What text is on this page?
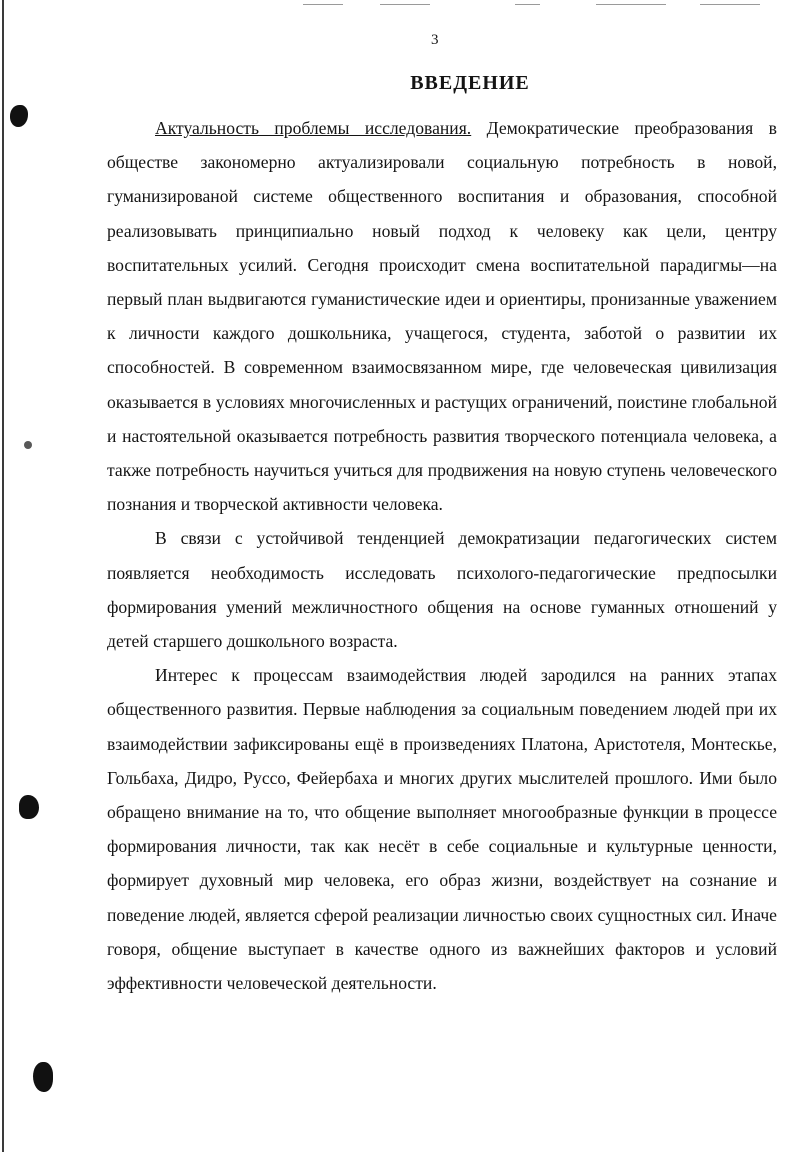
3
ВВЕДЕНИЕ

Актуальность проблемы исследования. Демократические преобразования в обществе закономерно актуализировали социальную потребность в новой, гуманизированой системе общественного воспитания и образования, способной реализовывать принципиально новый подход к человеку как цели, центру воспитательных усилий. Сегодня происходит смена воспитательной парадигмы—на первый план выдвигаются гуманистические идеи и ориентиры, пронизанные уважением к личности каждого дошкольника, учащегося, студента, заботой о развитии их способностей. В современном взаимосвязанном мире, где человеческая цивилизация оказывается в условиях многочисленных и растущих ограничений, поистине глобальной и настоятельной оказывается потребность развития творческого потенциала человека, а также потребность научиться учиться для продвижения на новую ступень человеческого познания и творческой активности человека.

В связи с устойчивой тенденцией демократизации педагогических систем появляется необходимость исследовать психолого-педагогические предпосылки формирования умений межличностного общения на основе гуманных отношений у детей старшего дошкольного возраста.

Интерес к процессам взаимодействия людей зародился на ранних этапах общественного развития. Первые наблюдения за социальным поведением людей при их взаимодействии зафиксированы ещё в произведениях Платона, Аристотеля, Монтескье, Гольбаха, Дидро, Руссо, Фейербаха и многих других мыслителей прошлого. Ими было обращено внимание на то, что общение выполняет многообразные функции в процессе формирования личности, так как несёт в себе социальные и культурные ценности, формирует духовный мир человека, его образ жизни, воздействует на сознание и поведение людей, является сферой реализации личностью своих сущностных сил. Иначе говоря, общение выступает в качестве одного из важнейших факторов и условий эффективности человеческой деятельности.
